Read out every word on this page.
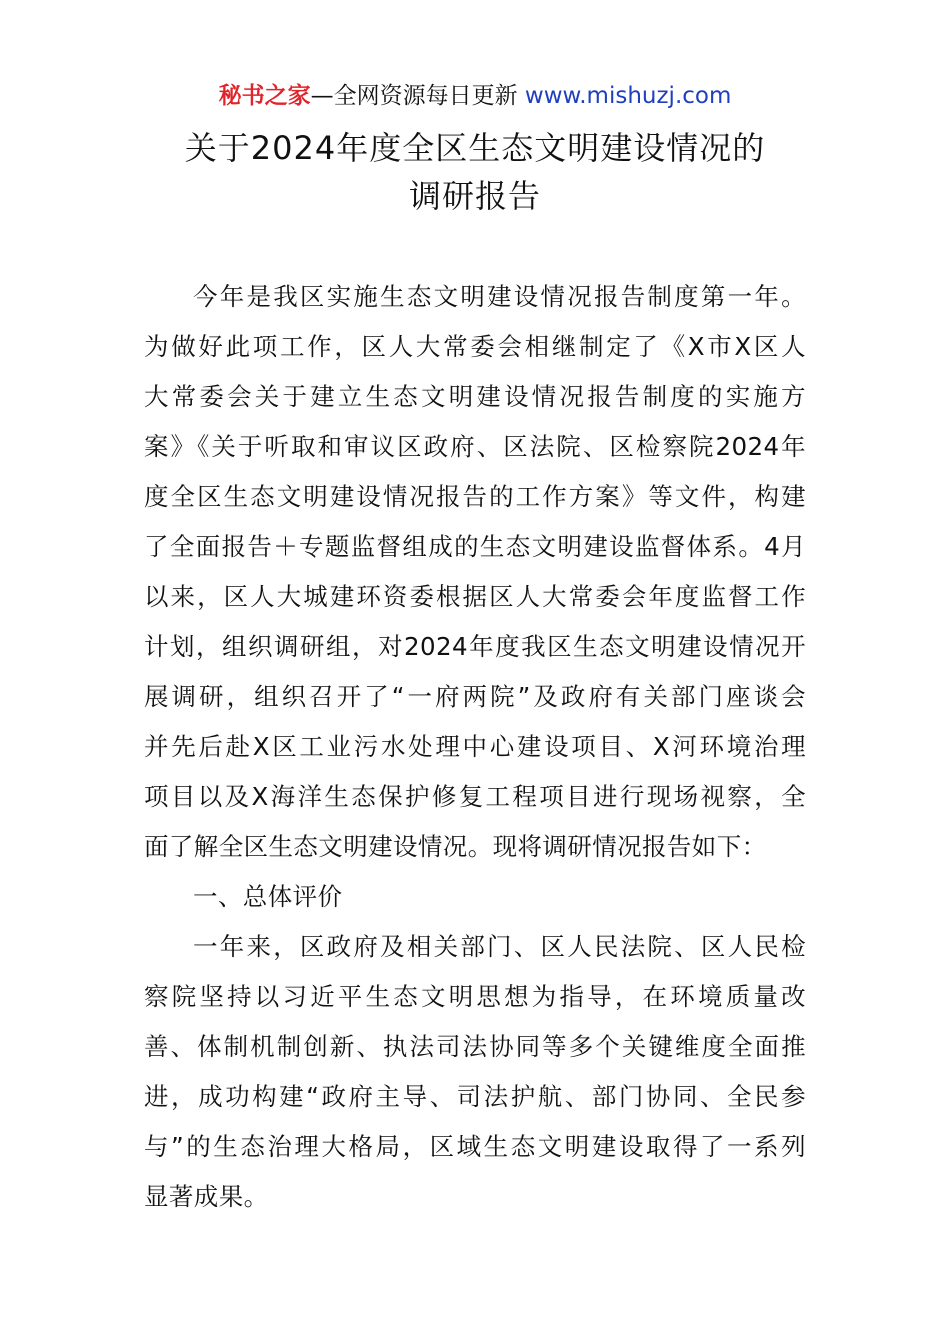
秘书之家—全网资源每日更新 www.mishuzj.com
关于2024年度全区生态文明建设情况的
调研报告

今年是我区实施生态文明建设情况报告制度第一年。
为做好此项工作，区人大常委会相继制定了《X市X区人
大常委会关于建立生态文明建设情况报告制度的实施方
案》《关于听取和审议区政府、区法院、区检察院2024年
度全区生态文明建设情况报告的工作方案》等文件，构建
了全面报告＋专题监督组成的生态文明建设监督体系。4月
以来，区人大城建环资委根据区人大常委会年度监督工作
计划，组织调研组，对2024年度我区生态文明建设情况开
展调研，组织召开了“一府两院”及政府有关部门座谈会
并先后赴X区工业污水处理中心建设项目、X河环境治理
项目以及X海洋生态保护修复工程项目进行现场视察，全
面了解全区生态文明建设情况。现将调研情况报告如下：

一、总体评价

一年来，区政府及相关部门、区人民法院、区人民检
察院坚持以习近平生态文明思想为指导，在环境质量改
善、体制机制创新、执法司法协同等多个关键维度全面推
进，成功构建“政府主导、司法护航、部门协同、全民参
与”的生态治理大格局，区域生态文明建设取得了一系列
显著成果。
